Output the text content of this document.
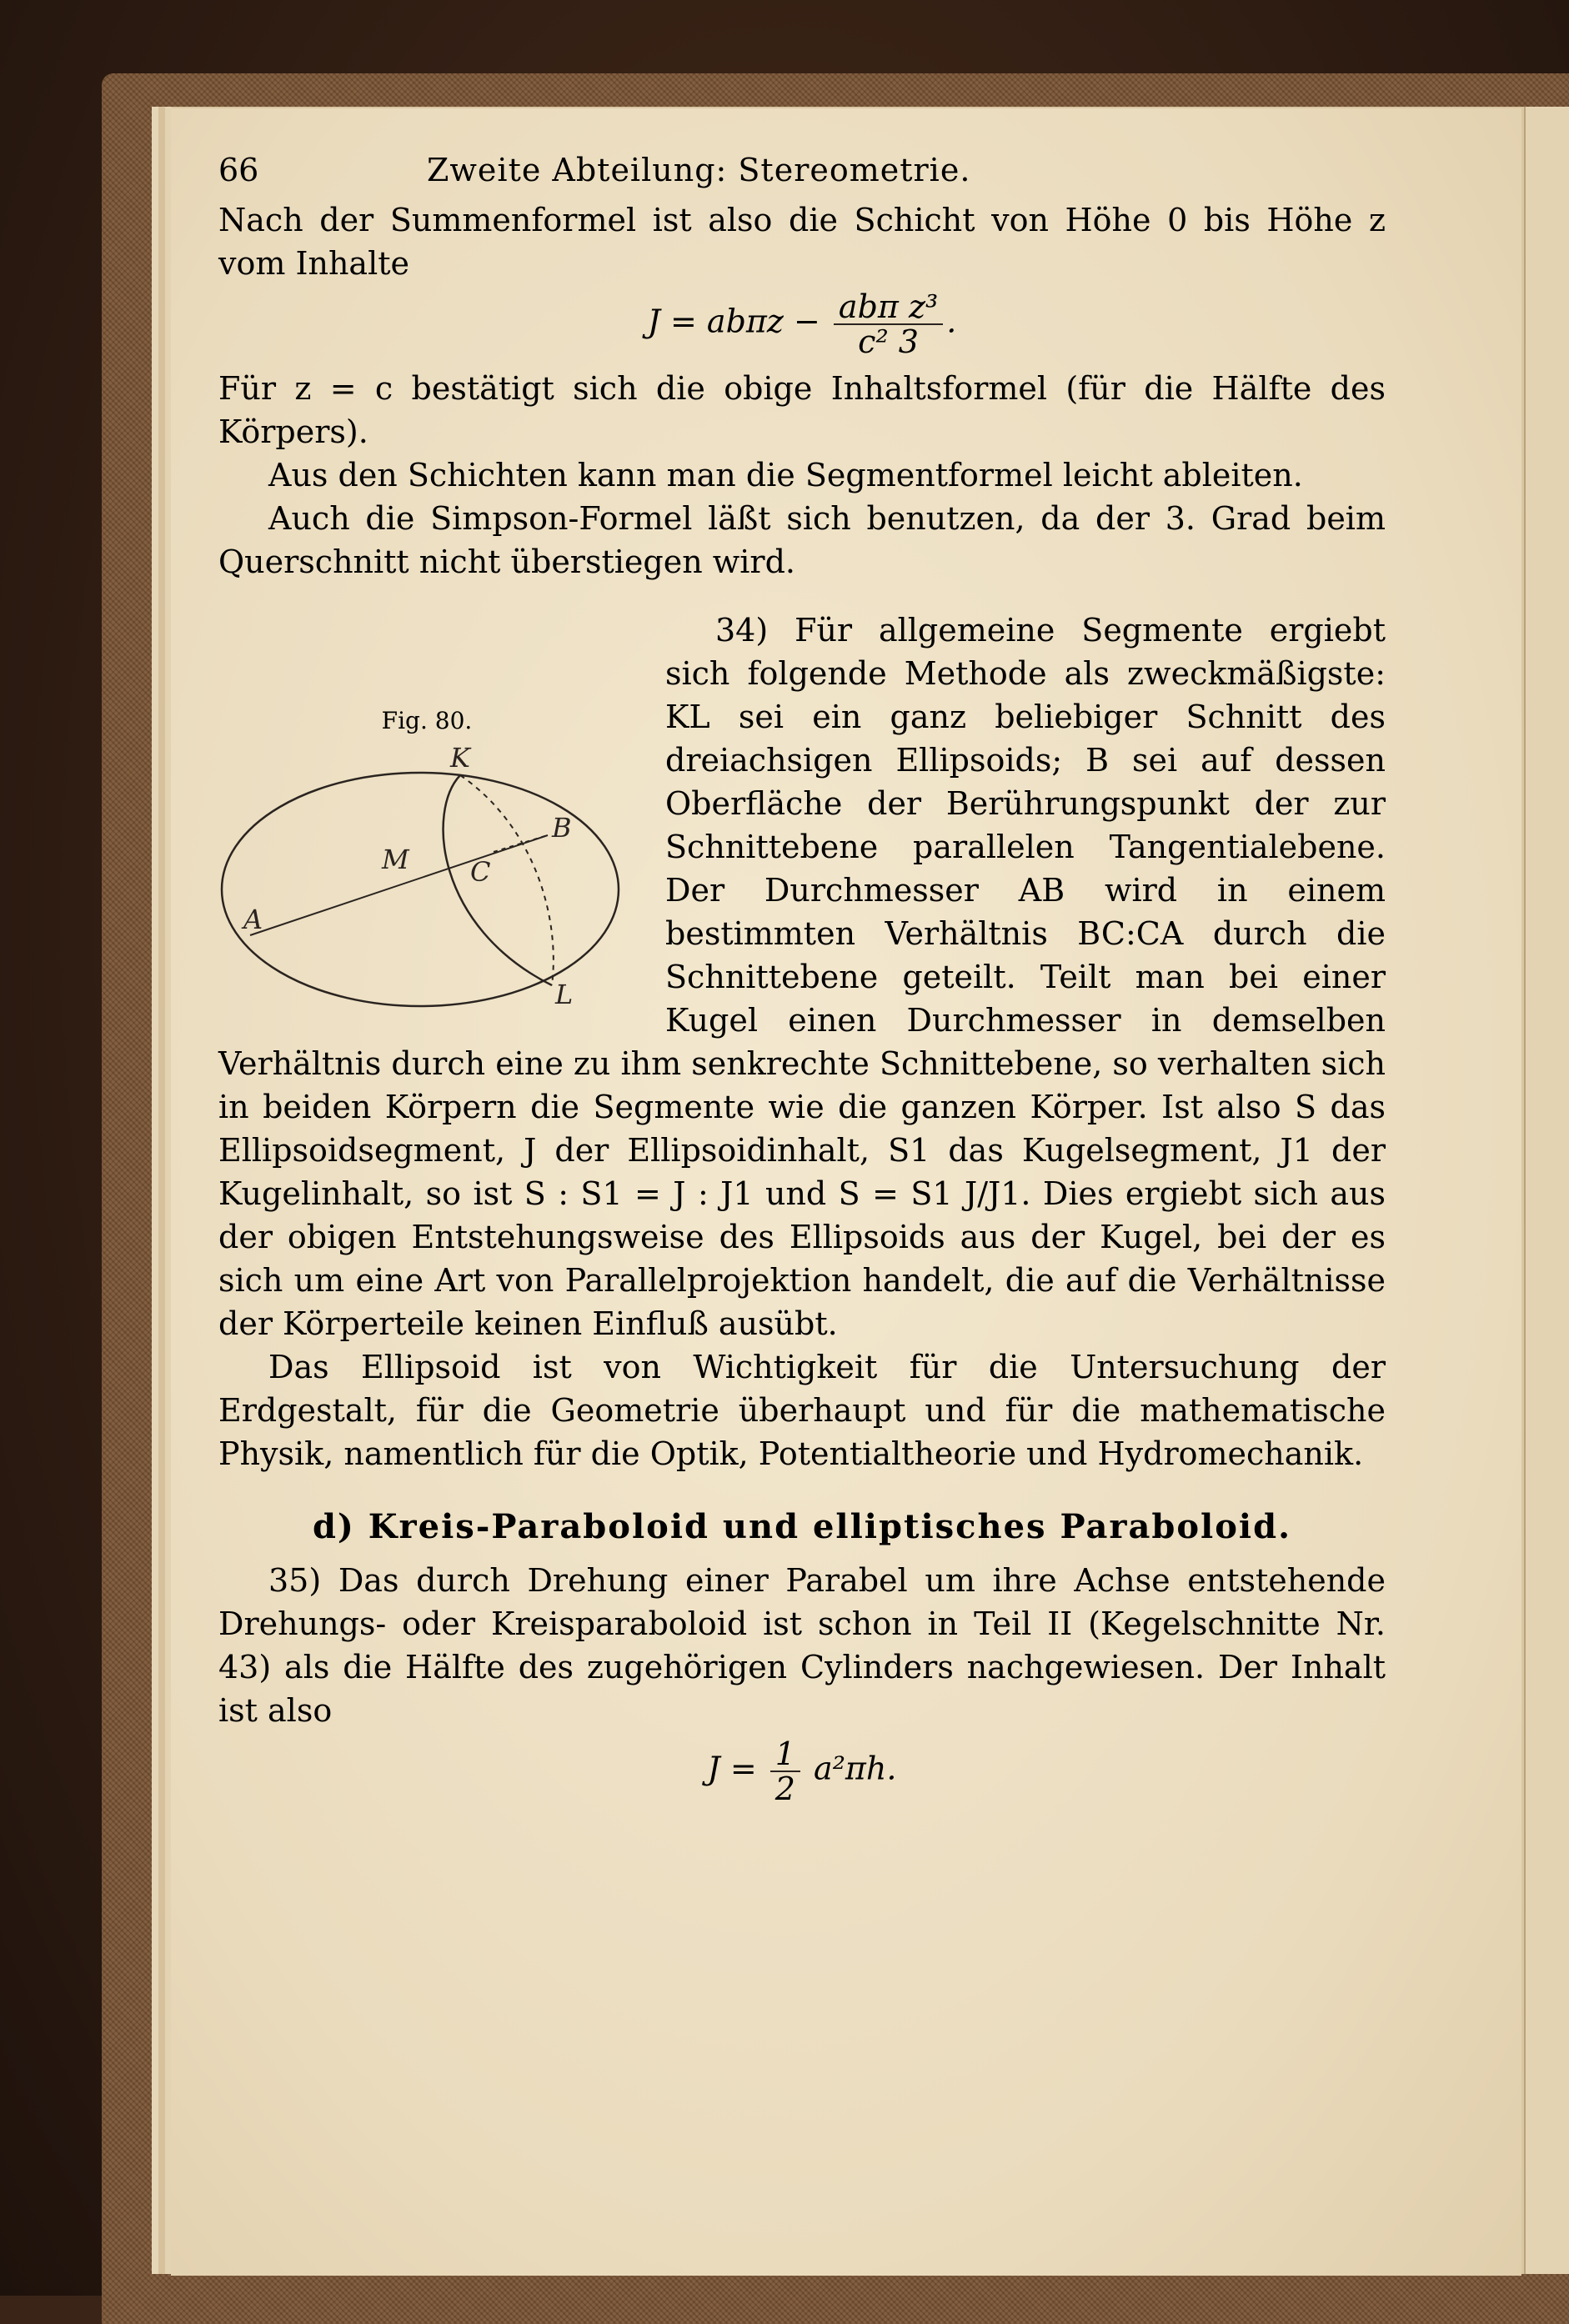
66	Zweite Abteilung: Stereometrie.

Nach der Summenformel ist also die Schicht von Höhe 0 bis Höhe z vom Inhalte

$J = ab\pi z - \frac{\text{abπ z³}}{\text{c² 3}}$ .

Für z = c bestätigt sich die obige Inhaltsformel (für die Hälfte des Körpers).

Aus den Schichten kann man die Segmentformel leicht ableiten.

Auch die Simpson-Formel läßt sich benutzen, da der 3. Grad beim Querschnitt nicht überstiegen wird.

Fig. 80.
K
B
M C
A
L

34) Für allgemeine Segmente ergiebt sich folgende Methode als zweckmäßigste: KL sei ein ganz beliebiger Schnitt des dreiachsigen Ellipsoids; B sei auf dessen Oberfläche der Berührungspunkt der zur Schnittebene parallelen Tangentialebene. Der Durchmesser AB wird in einem bestimmten Verhältnis BC:CA durch die Schnittebene geteilt. Teilt man bei einer Kugel einen Durchmesser in demselben Verhältnis durch eine zu ihm senkrechte Schnittebene, so verhalten sich in beiden Körpern die Segmente wie die ganzen Körper. Ist also S das Ellipsoidsegment, J der Ellipsoidinhalt, S1 das Kugelsegment, J1 der Kugelinhalt, so ist S : S1 = J : J1 und S = S1 J/J1. Dies ergiebt sich aus der obigen Entstehungsweise des Ellipsoids aus der Kugel, bei der es sich um eine Art von Parallelprojektion handelt, die auf die Verhältnisse der Körperteile keinen Einfluß ausübt.

Das Ellipsoid ist von Wichtigkeit für die Untersuchung der Erdgestalt, für die Geometrie überhaupt und für die mathematische Physik, namentlich für die Optik, Potentialtheorie und Hydromechanik.

d) Kreis-Paraboloid und elliptisches Paraboloid.

35) Das durch Drehung einer Parabel um ihre Achse entstehende Drehungs- oder Kreisparaboloid ist schon in Teil II (Kegelschnitte Nr. 43) als die Hälfte des zugehörigen Cylinders nachgewiesen. Der Inhalt ist also

$J = \frac{1}{2} a^2\pi h$.
